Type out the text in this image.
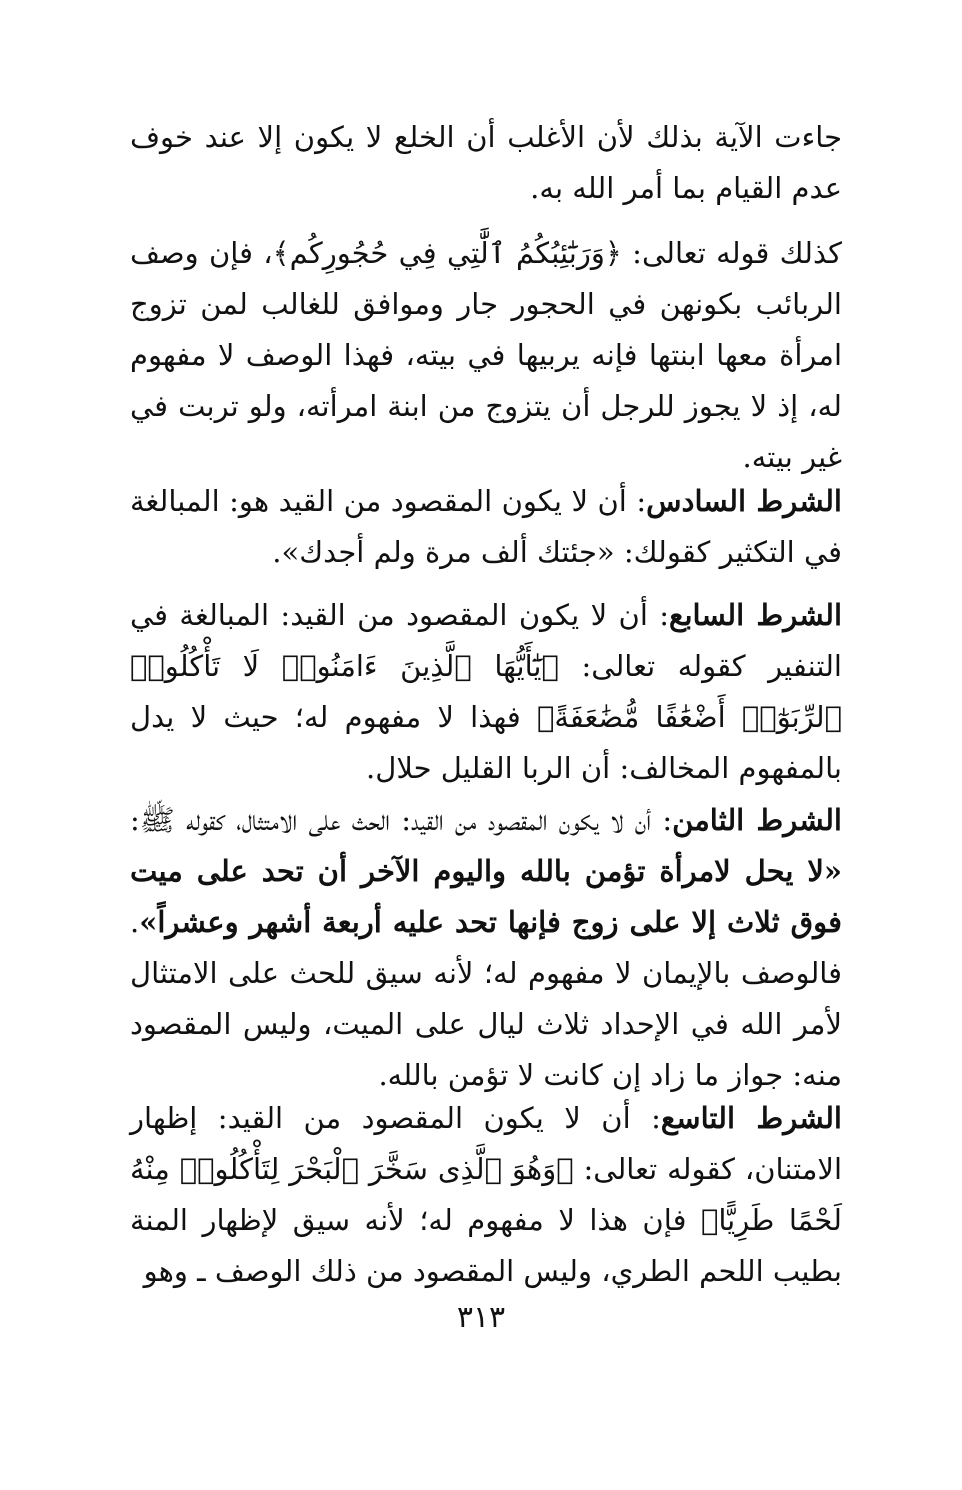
جاءت الآية بذلك لأن الأغلب أن الخلع لا يكون إلا عند خوف عدم القيام بما أمر الله به.

كذلك قوله تعالى: ﴿وَرَبَٰٓئِبُكُمُ ٱلَّٰتِي فِي حُجُورِكُم﴾، فإن وصف الربائب بكونهن في الحجور جار وموافق للغالب لمن تزوج امرأة معها ابنتها فإنه يربيها في بيته، فهذا الوصف لا مفهوم له، إذ لا يجوز للرجل أن يتزوج من ابنة امرأته، ولو تربت في غير بيته.

الشرط السادس: أن لا يكون المقصود من القيد هو: المبالغة في التكثير كقولك: «جئتك ألف مرة ولم أجدك».

الشرط السابع: أن لا يكون المقصود من القيد: المبالغة في التنفير كقوله تعالى: ﴿يَٰٓأَيُّهَا ٱلَّذِينَ ءَامَنُوا۟ لَا تَأْكُلُوا۟ ٱلرِّبَوٰٓا۟ أَضْعَٰفًا مُّضَٰعَفَةً﴾ فهذا لا مفهوم له؛ حيث لا يدل بالمفهوم المخالف: أن الربا القليل حلال.

الشرط الثامن: أن لا يكون المقصود من القيد: الحث على الامتثال، كقوله ﷺ: «لا يحل لامرأة تؤمن بالله واليوم الآخر أن تحد على ميت فوق ثلاث إلا على زوج فإنها تحد عليه أربعة أشهر وعشراً». فالوصف بالإيمان لا مفهوم له؛ لأنه سيق للحث على الامتثال لأمر الله في الإحداد ثلاث ليال على الميت، وليس المقصود منه: جواز ما زاد إن كانت لا تؤمن بالله.

الشرط التاسع: أن لا يكون المقصود من القيد: إظهار الامتنان، كقوله تعالى: ﴿وَهُوَ ٱلَّذِى سَخَّرَ ٱلْبَحْرَ لِتَأْكُلُوا۟ مِنْهُ لَحْمًا طَرِيًّا﴾ فإن هذا لا مفهوم له؛ لأنه سيق لإظهار المنة بطيب اللحم الطري، وليس المقصود من ذلك الوصف ـ وهو

٣١٣
